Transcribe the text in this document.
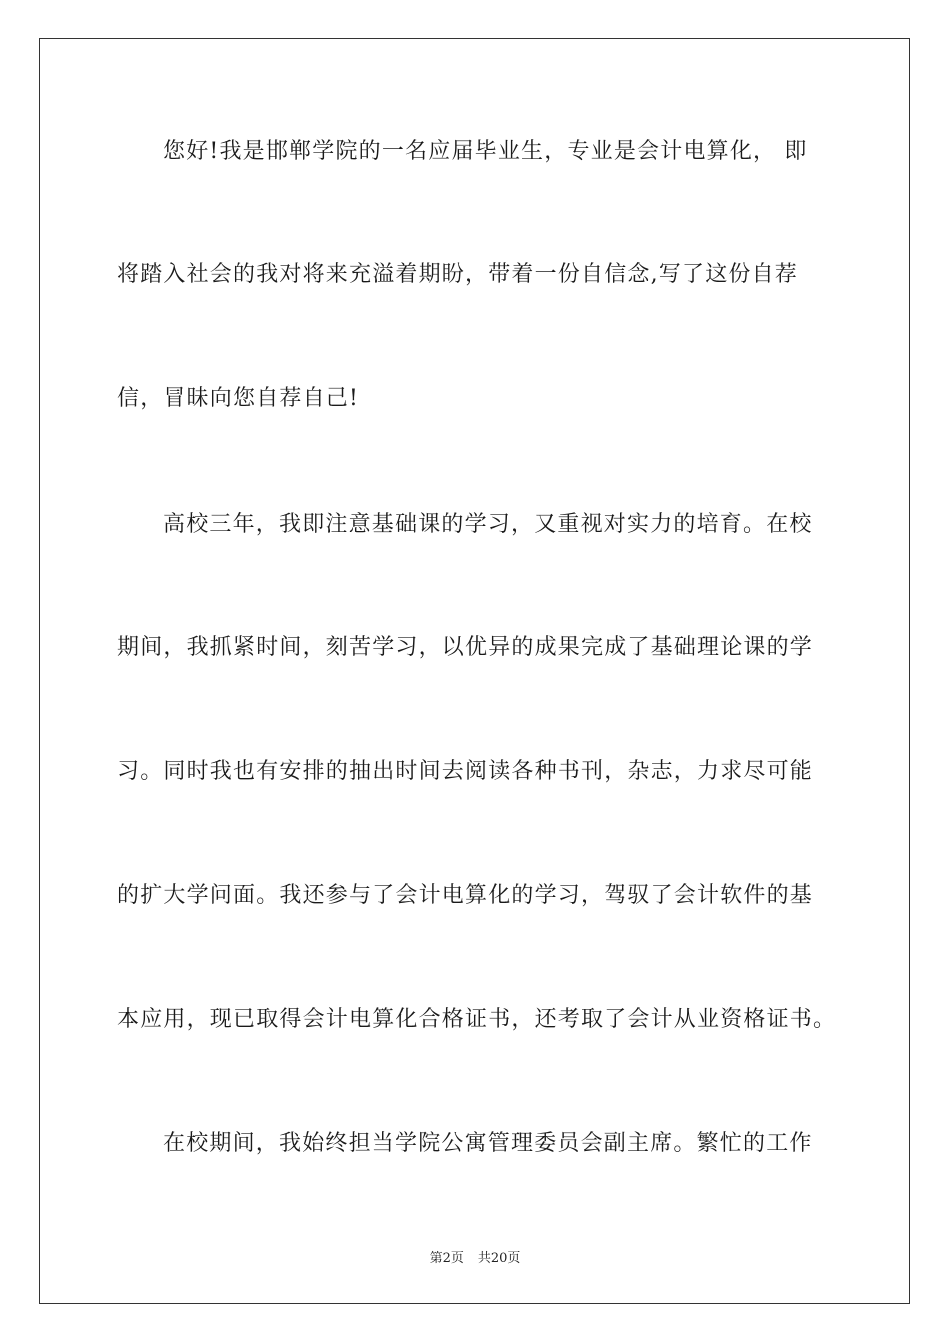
您好!我是邯郸学院的一名应届毕业生，专业是会计电算化， 即
将踏入社会的我对将来充溢着期盼，带着一份自信念,写了这份自荐
信，冒昧向您自荐自己!
高校三年，我即注意基础课的学习，又重视对实力的培育。在校
期间，我抓紧时间，刻苦学习，以优异的成果完成了基础理论课的学
习。同时我也有安排的抽出时间去阅读各种书刊，杂志，力求尽可能
的扩大学问面。我还参与了会计电算化的学习，驾驭了会计软件的基
本应用，现已取得会计电算化合格证书，还考取了会计从业资格证书。
在校期间，我始终担当学院公寓管理委员会副主席。繁忙的工作
第2页 共20页
